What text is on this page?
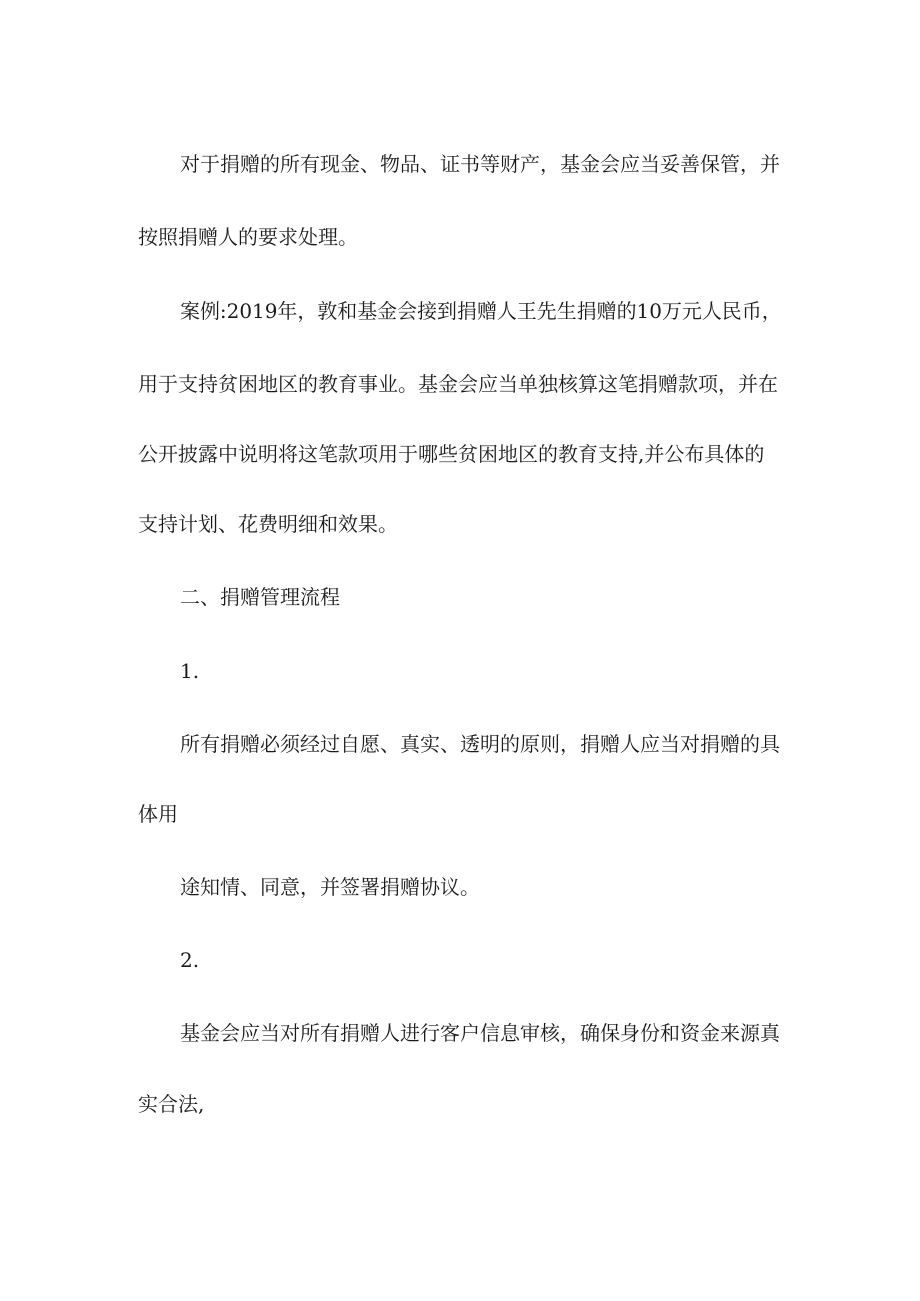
对于捐赠的所有现金、物品、证书等财产，基金会应当妥善保管，并
按照捐赠人的要求处理。
案例:2019年，敦和基金会接到捐赠人王先生捐赠的10万元人民币，
用于支持贫困地区的教育事业。基金会应当单独核算这笔捐赠款项，并在
公开披露中说明将这笔款项用于哪些贫困地区的教育支持,并公布具体的
支持计划、花费明细和效果。
二、捐赠管理流程
1.
所有捐赠必须经过自愿、真实、透明的原则，捐赠人应当对捐赠的具
体用
途知情、同意，并签署捐赠协议。
2.
基金会应当对所有捐赠人进行客户信息审核，确保身份和资金来源真
实合法,
